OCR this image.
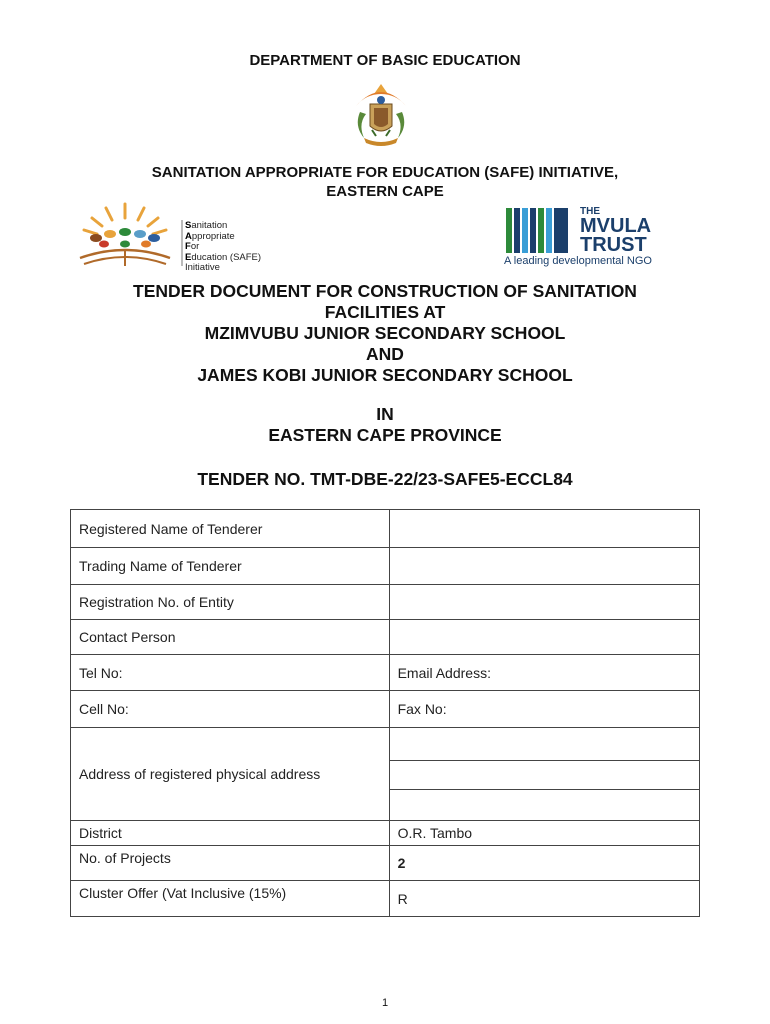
DEPARTMENT OF BASIC EDUCATION
SANITATION APPROPRIATE FOR EDUCATION (SAFE) INITIATIVE,
EASTERN CAPE
Sanitation
Appropriate
For
Education (SAFE)
Initiative
THE
MVULA
TRUST
A leading developmental NGO
TENDER DOCUMENT FOR CONSTRUCTION OF SANITATION
FACILITIES AT
MZIMVUBU JUNIOR SECONDARY SCHOOL
AND
JAMES KOBI JUNIOR SECONDARY SCHOOL
IN
EASTERN CAPE PROVINCE
TENDER NO. TMT-DBE-22/23-SAFE5-ECCL84
Registered Name of Tenderer	
Trading Name of Tenderer	
Registration No. of Entity	
Contact Person	
Tel No:	Email Address:
Cell No:	Fax No:
Address of registered physical address	

District	O.R. Tambo
No. of Projects	2
Cluster Offer (Vat Inclusive (15%)	R
1
